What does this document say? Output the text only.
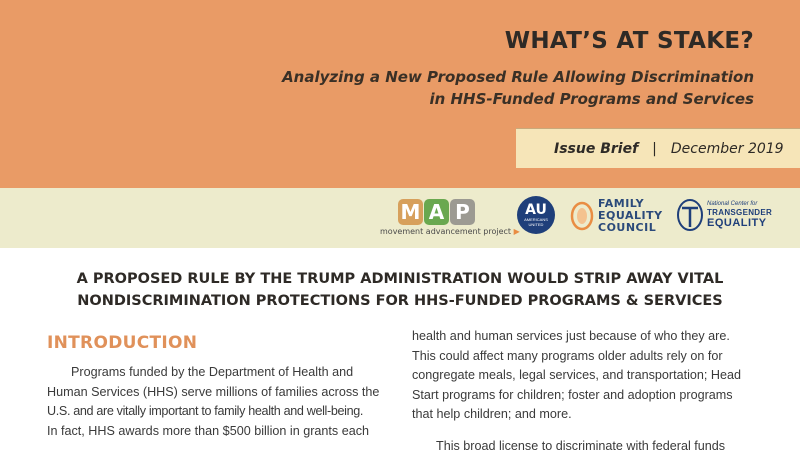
WHAT’S AT STAKE?
Analyzing a New Proposed Rule Allowing Discrimination
in HHS-Funded Programs and Services
Issue Brief | December 2019
M A P
movement advancement project ▶
AU
AMERICANS
UNITED
FAMILY
EQUALITY
COUNCIL
National Center for
TRANSGENDER
EQUALITY
A PROPOSED RULE BY THE TRUMP ADMINISTRATION WOULD STRIP AWAY VITAL
NONDISCRIMINATION PROTECTIONS FOR HHS-FUNDED PROGRAMS & SERVICES
INTRODUCTION
Programs funded by the Department of Health and
Human Services (HHS) serve millions of families across the
U.S. and are vitally important to family health and well-being.
In fact, HHS awards more than $500 billion in grants each
health and human services just because of who they are.
This could affect many programs older adults rely on for
congregate meals, legal services, and transportation; Head
Start programs for children; foster and adoption programs
that help children; and more.
This broad license to discriminate with federal funds
